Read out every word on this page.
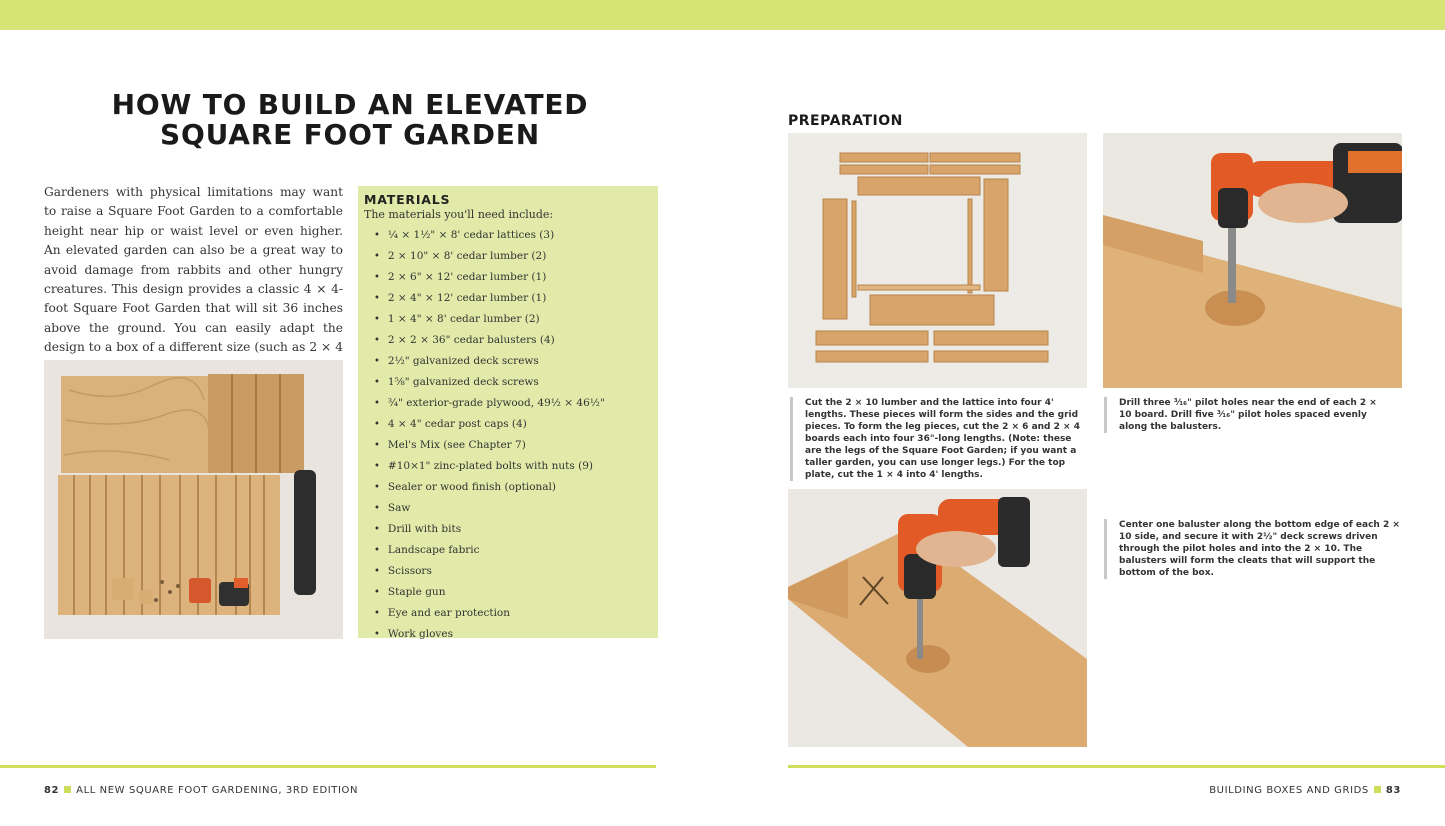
HOW TO BUILD AN ELEVATED
SQUARE FOOT GARDEN

Gardeners with physical limitations may want to raise a Square Foot Garden to a comfortable height near hip or waist level or even higher. An elevated garden can also be a great way to avoid damage from rabbits and other hungry creatures. This design provides a classic 4 × 4-foot Square Foot Garden that will sit 36 inches above the ground. You can easily adapt the design to a box of a different size (such as 2 × 4

MATERIALS

The materials you'll need include:

• ¼ × 1½" × 8' cedar lattices (3)
• 2 × 10" × 8' cedar lumber (2)
• 2 × 6" × 12' cedar lumber (1)
• 2 × 4" × 12' cedar lumber (1)
• 1 × 4" × 8' cedar lumber (2)
• 2 × 2 × 36" cedar balusters (4)
• 2½" galvanized deck screws
• 1⅝" galvanized deck screws
• ¾" exterior-grade plywood, 49½ × 46½"
• 4 × 4" cedar post caps (4)
• Mel's Mix (see Chapter 7)
• #10×1" zinc-plated bolts with nuts (9)
• Sealer or wood finish (optional)
• Saw
• Drill with bits
• Landscape fabric
• Scissors
• Staple gun
• Eye and ear protection
• Work gloves
82 ALL NEW SQUARE FOOT GARDENING, 3RD EDITION
PREPARATION

Cut the 2 × 10 lumber and the lattice into four 4' lengths. These pieces will form the sides and the grid pieces. To form the leg pieces, cut the 2 × 6 and 2 × 4 boards each into four 36"-long lengths. (Note: these are the legs of the Square Foot Garden; if you want a taller garden, you can use longer legs.) For the top plate, cut the 1 × 4 into 4' lengths.

Drill three ³⁄₁₆" pilot holes near the end of each 2 × 10 board. Drill five ³⁄₁₆" pilot holes spaced evenly along the balusters.

Center one baluster along the bottom edge of each 2 × 10 side, and secure it with 2½" deck screws driven through the pilot holes and into the 2 × 10. The balusters will form the cleats that will support the bottom of the box.

BUILDING BOXES AND GRIDS 83
